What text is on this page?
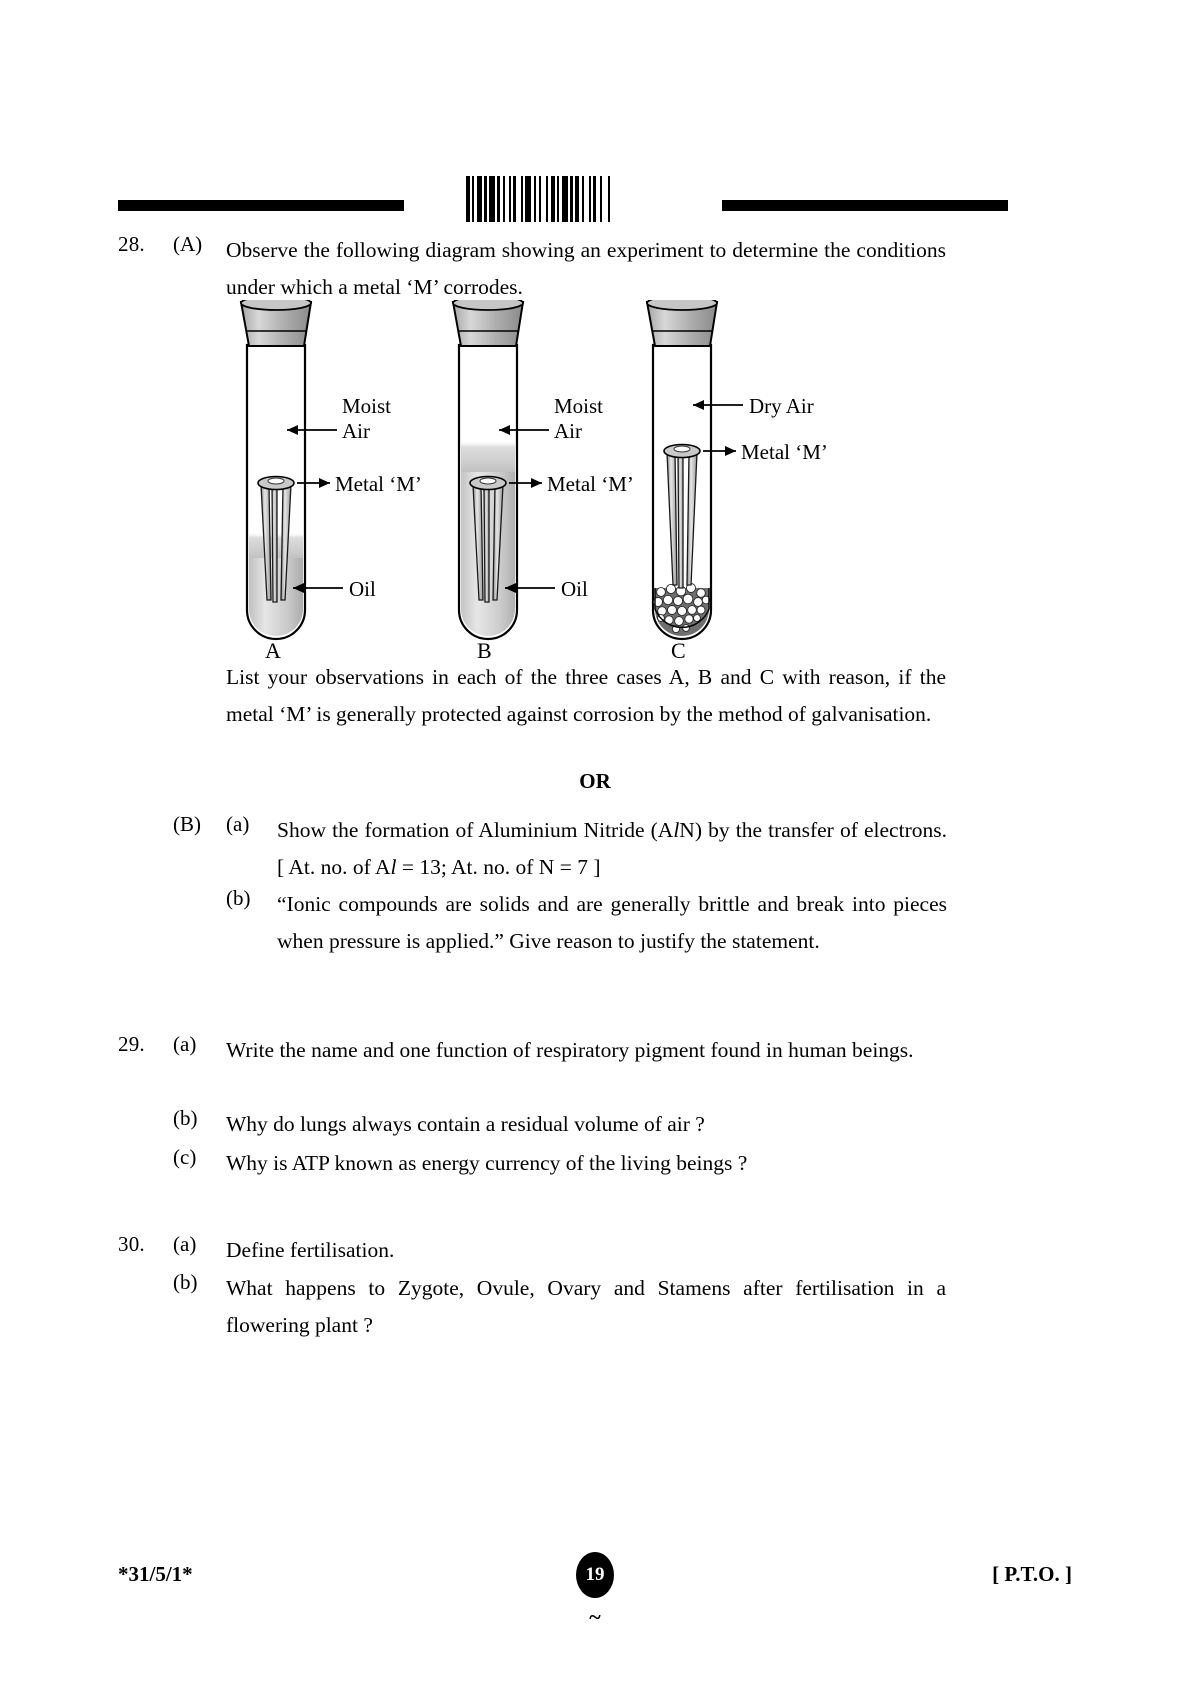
28.	(A)	Observe the following diagram showing an experiment to determine the conditions under which a metal ‘M’ corrodes.
Moist
Air
Metal ‘M’
Oil
A
Moist
Air
Metal ‘M’
Oil
B
Dry Air
Metal ‘M’
C
List your observations in each of the three cases A, B and C with reason, if the metal ‘M’ is generally protected against corrosion by the method of galvanisation.
OR
(B)	(a)	Show the formation of Aluminium Nitride (AlN) by the transfer of electrons. [ At. no. of Al = 13; At. no. of N = 7 ]
(b)	“Ionic compounds are solids and are generally brittle and break into pieces when pressure is applied.” Give reason to justify the statement.
29.	(a)	Write the name and one function of respiratory pigment found in human beings.
(b)	Why do lungs always contain a residual volume of air ?
(c)	Why is ATP known as energy currency of the living beings ?
30.	(a)	Define fertilisation.
(b)	What happens to Zygote, Ovule, Ovary and Stamens after fertilisation in a flowering plant ?
*31/5/1*	19
~
[ P.T.O. ]
